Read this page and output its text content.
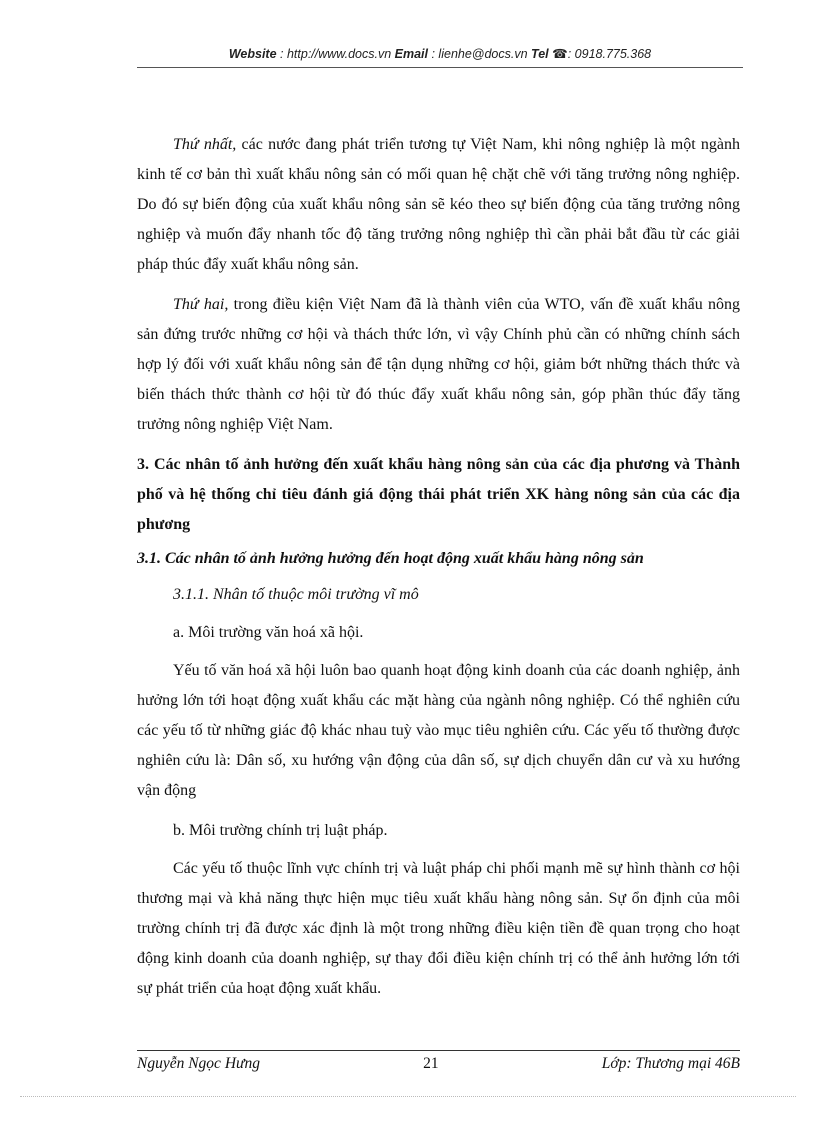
Website : http://www.docs.vn Email : lienhe@docs.vn Tel ☎: 0918.775.368

Thứ nhất, các nước đang phát triển tương tự Việt Nam, khi nông nghiệp là một ngành kinh tế cơ bản thì xuất khẩu nông sản có mối quan hệ chặt chẽ với tăng trưởng nông nghiệp. Do đó sự biến động của xuất khẩu nông sản sẽ kéo theo sự biến động của tăng trưởng nông nghiệp và muốn đẩy nhanh tốc độ tăng trưởng nông nghiệp thì cần phải bắt đầu từ các giải pháp thúc đẩy xuất khẩu nông sản.

Thứ hai, trong điều kiện Việt Nam đã là thành viên của WTO, vấn đề xuất khẩu nông sản đứng trước những cơ hội và thách thức lớn, vì vậy Chính phủ cần có những chính sách hợp lý đối với xuất khẩu nông sản để tận dụng những cơ hội, giảm bớt những thách thức và biến thách thức thành cơ hội từ đó thúc đẩy xuất khẩu nông sản, góp phần thúc đẩy tăng trưởng nông nghiệp Việt Nam.

3. Các nhân tố ảnh hưởng đến xuất khẩu hàng nông sản của các địa phương và Thành phố và hệ thống chỉ tiêu đánh giá động thái phát triển XK hàng nông sản của các địa phương
3.1. Các nhân tố ảnh hưởng hưởng đến hoạt động xuất khẩu hàng nông sản
3.1.1. Nhân tố thuộc môi trường vĩ mô
a. Môi trường văn hoá xã hội.

Yếu tố văn hoá xã hội luôn bao quanh hoạt động kinh doanh của các doanh nghiệp, ảnh hưởng lớn tới hoạt động xuất khẩu các mặt hàng của ngành nông nghiệp. Có thể nghiên cứu các yếu tố từ những giác độ khác nhau tuỳ vào mục tiêu nghiên cứu. Các yếu tố thường được nghiên cứu là: Dân số, xu hướng vận động của dân số, sự dịch chuyển dân cư và xu hướng vận động

b. Môi trường chính trị luật pháp.

Các yếu tố thuộc lĩnh vực chính trị và luật pháp chi phối mạnh mẽ sự hình thành cơ hội thương mại và khả năng thực hiện mục tiêu xuất khẩu hàng nông sản. Sự ổn định của môi trường chính trị đã được xác định là một trong những điều kiện tiền đề quan trọng cho hoạt động kinh doanh của doanh nghiệp, sự thay đổi điều kiện chính trị có thể ảnh hưởng lớn tới sự phát triển của hoạt động xuất khẩu.

Nguyễn Ngọc Hưng	21	Lớp: Thương mại 46B
